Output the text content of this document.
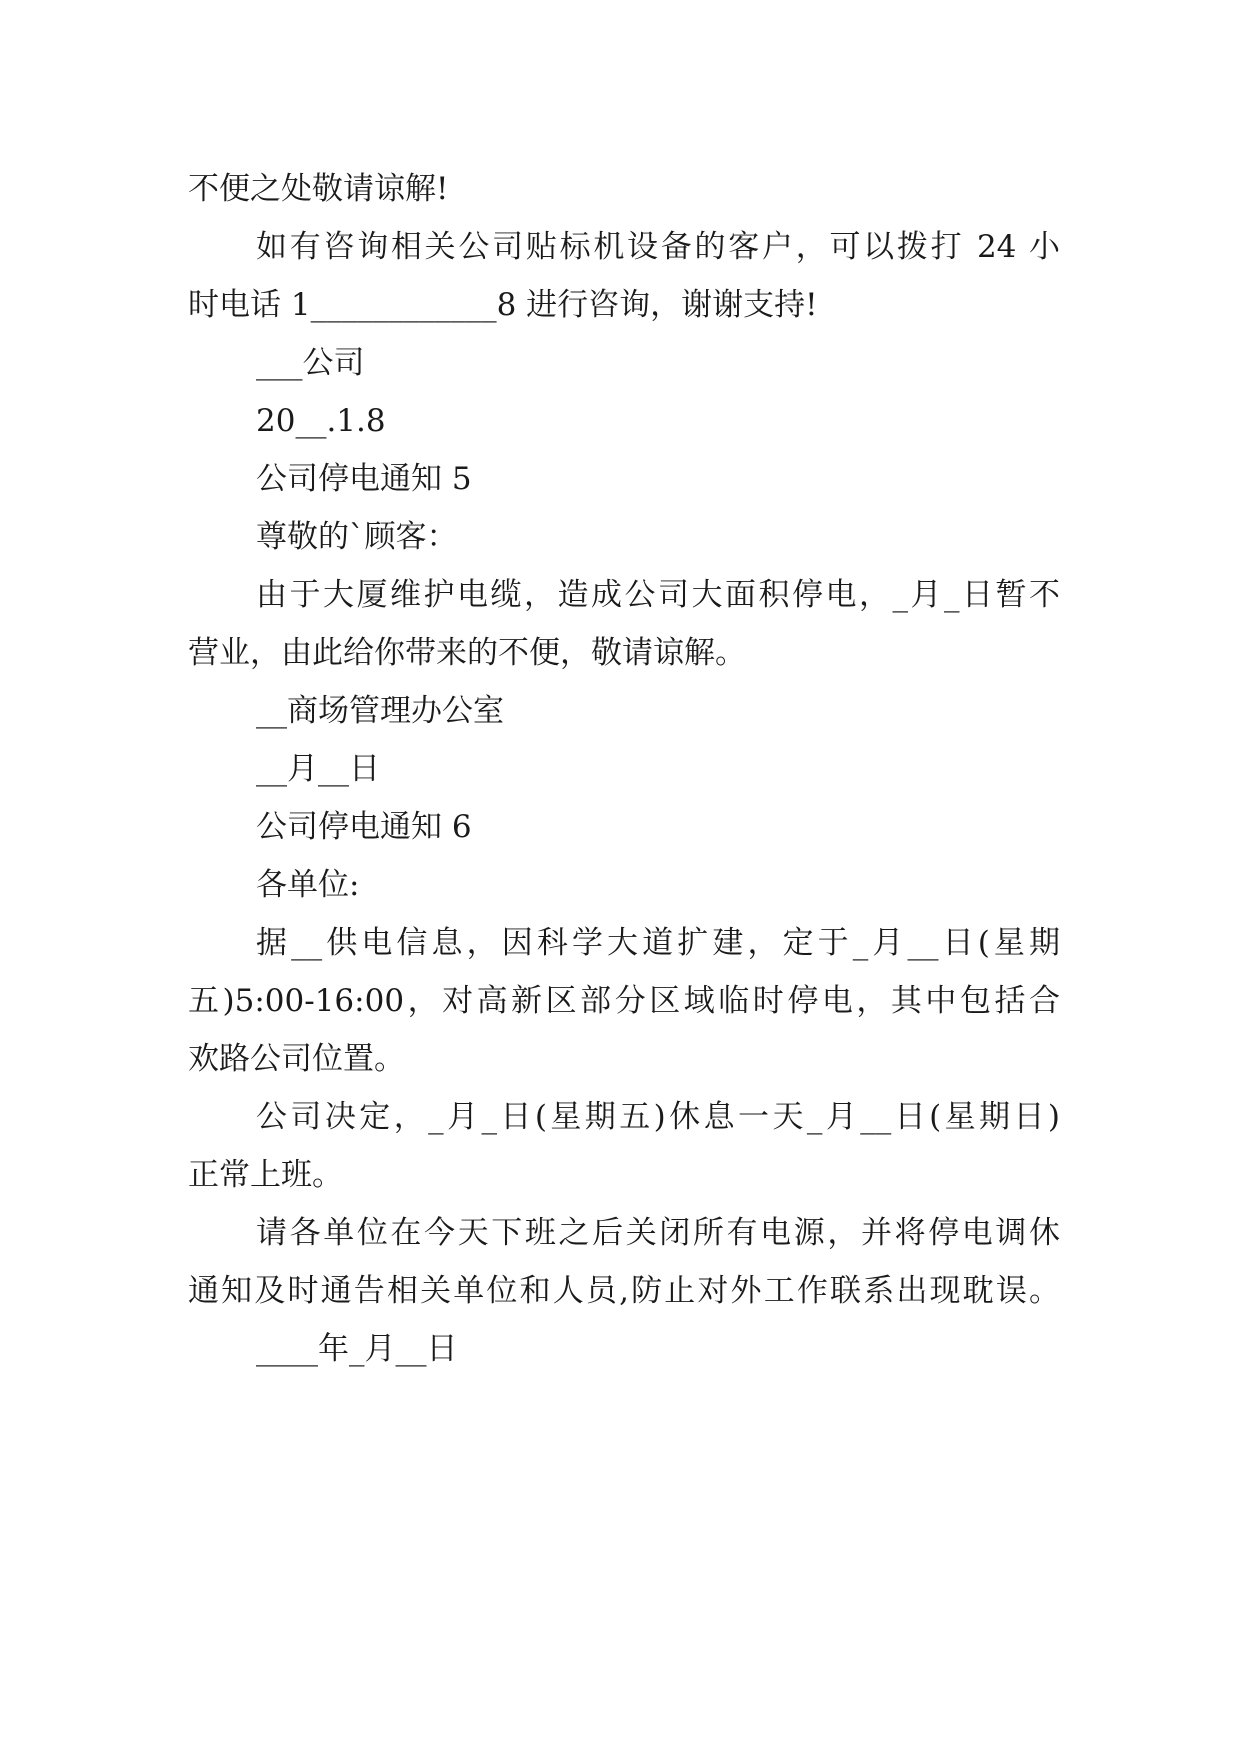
不便之处敬请谅解!

如有咨询相关公司贴标机设备的客户，可以拨打 24 小

时电话 1____________8 进行咨询，谢谢支持!

___公司

20__.1.8

公司停电通知 5

尊敬的`顾客：

由于大厦维护电缆，造成公司大面积停电，_月_日暂不

营业，由此给你带来的不便，敬请谅解。

__商场管理办公室

__月__日

公司停电通知 6

各单位:

据__供电信息，因科学大道扩建，定于_月__日(星期

五)5:00-16:00，对高新区部分区域临时停电，其中包括合

欢路公司位置。

公司决定，_月_日(星期五)休息一天_月__日(星期日)

正常上班。

请各单位在今天下班之后关闭所有电源，并将停电调休

通知及时通告相关单位和人员,防止对外工作联系出现耽误。

____年_月__日
